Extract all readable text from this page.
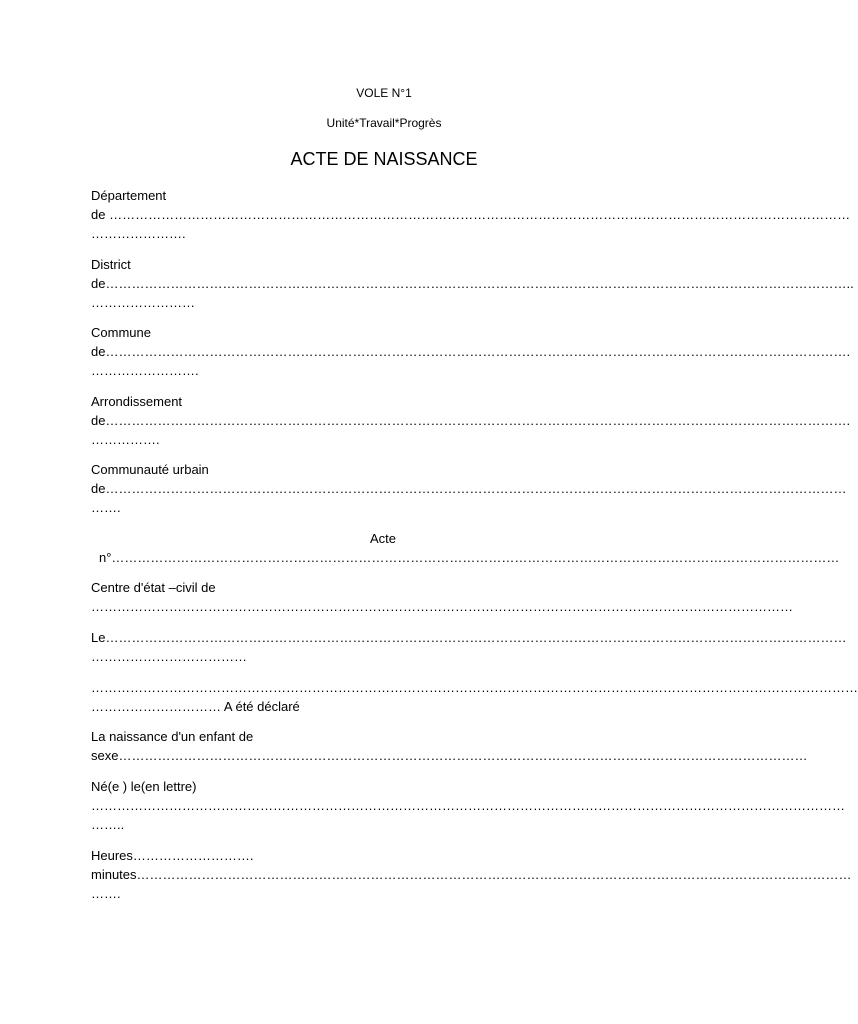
VOLE N°1
Unité*Travail*Progrès
ACTE DE NAISSANCE
Département
de ………………………………………………………………………………………………………………………………………………………
………………….
District
de………………………………………………………………………………………………………………………………………………………..
……………………
Commune
de……………………………………………………………………………………………………………………………………………………….
…………………….
Arrondissement
de……………………………………………………………………………………………………………………………………………………….
…………….
Communauté urbain
de………………………………………………………………………………………………………………………………………………………
…….
Acte
n°……………………………………………………………………………………………………………………………………………………
Centre d'état –civil de
………………………………………………………………………………………………………………………………………………
Le………………………………………………………………………………………………………………………………………………………
………………………………
……………………………………………………………………………………………………………………………………………………………
………………………… A été déclaré
La naissance d'un enfant de
sexe……………………………………………………………………………………………………………………………………………
Né(e ) le(en lettre)
…………………………………………………………………………………………………………………………………………………………
……..
Heures……………………….
minutes…………………………………………………………………………………………………………………………………………………
…….
